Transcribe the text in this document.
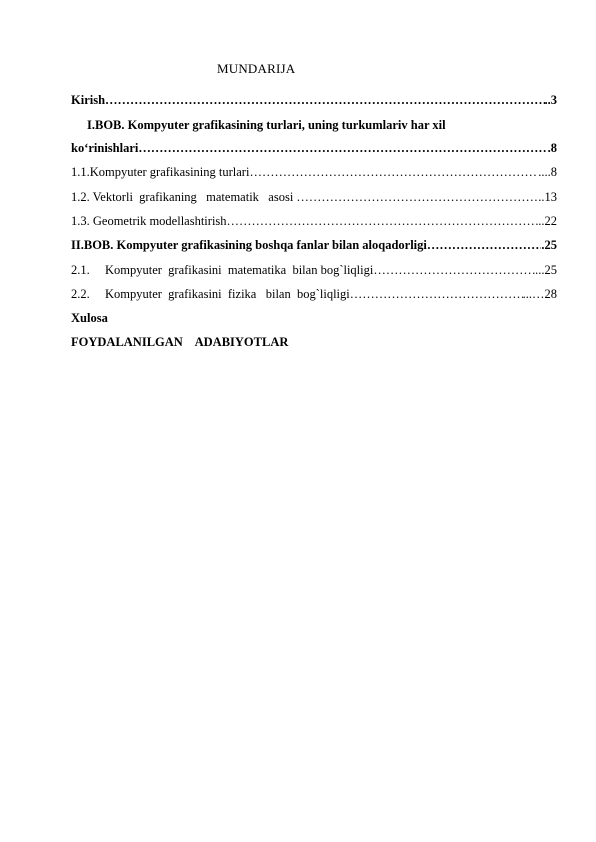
MUNDARIJA
Kirish ……………………………………………………………………………………………………………………………………………………………………	..3
I.BOB. Kompyuter grafikasining turlari, uning turkumlariv har xil
ko‘rinishlari ……………………………………………………………………………………………………………………………………………………………………	.8
1.1.Kompyuter grafikasining turlari ……………………………………………………………………………………………………………………………………………………………………	....8
1.2. Vektorli  grafikaning   matematik   asosi ……………………………………………………………………………………………………………………………………………………………………	..13
1.3. Geometrik modellashtirish ……………………………………………………………………………………………………………………………………………………………………	..22
II.BOB. Kompyuter grafikasining boshqa fanlar bilan aloqadorligi ……………………………………………………………………………………………………………………………………………………………………	.25
2.1. Kompyuter  grafikasini  matematika  bilan bog`liqligi ……………………………………………………………………………………………………………………………………………………………………	...25
2.2. Kompyuter  grafikasini  fizika   bilan  bog`liqligi ……………………………………………………………………………………………………………………………………………………………………	...…28
Xulosa
FOYDALANILGAN    ADABIYOTLAR
